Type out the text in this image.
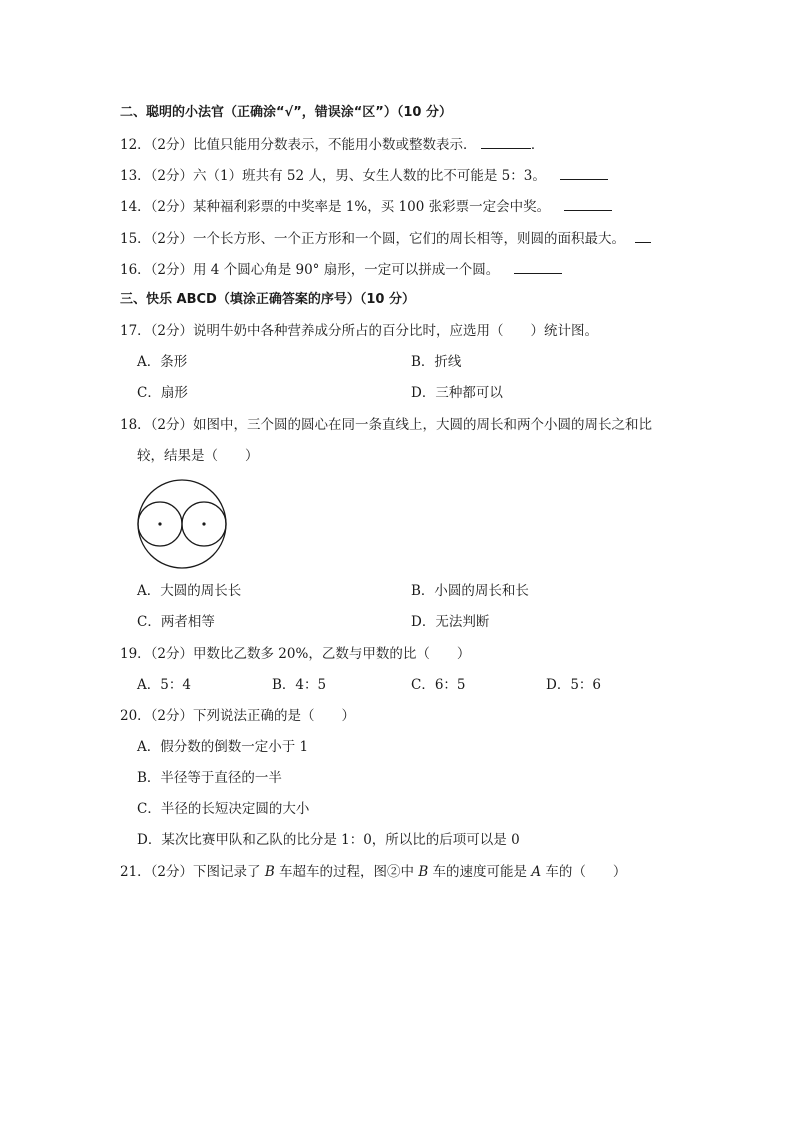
二、聪明的小法官（正确涂“√”，错误涂“区”）（10 分）
12．（2分）比值只能用分数表示，不能用小数或整数表示．	．
13．（2分）六（1）班共有 52 人，男、女生人数的比不可能是 5：3。
14．（2分）某种福利彩票的中奖率是 1%，买 100 张彩票一定会中奖。
15．（2分）一个长方形、一个正方形和一个圆，它们的周长相等，则圆的面积最大。
16．（2分）用 4 个圆心角是 90° 扇形，一定可以拼成一个圆。
三、快乐 ABCD（填涂正确答案的序号）（10 分）
17．（2分）说明牛奶中各种营养成分所占的百分比时，应选用（　　）统计图。
A．条形	B．折线
C．扇形	D．三种都可以
18．（2分）如图中，三个圆的圆心在同一条直线上，大圆的周长和两个小圆的周长之和比
较，结果是（　　）
A．大圆的周长长	B．小圆的周长和长
C．两者相等	D．无法判断
19．（2分）甲数比乙数多 20%，乙数与甲数的比（　　）
A．5：4	B．4：5	C．6：5	D．5：6
20．（2分）下列说法正确的是（　　）
A．假分数的倒数一定小于 1
B．半径等于直径的一半
C．半径的长短决定圆的大小
D．某次比赛甲队和乙队的比分是 1：0，所以比的后项可以是 0
21．（2分）下图记录了 B 车超车的过程，图②中 B 车的速度可能是 A 车的（　　）
